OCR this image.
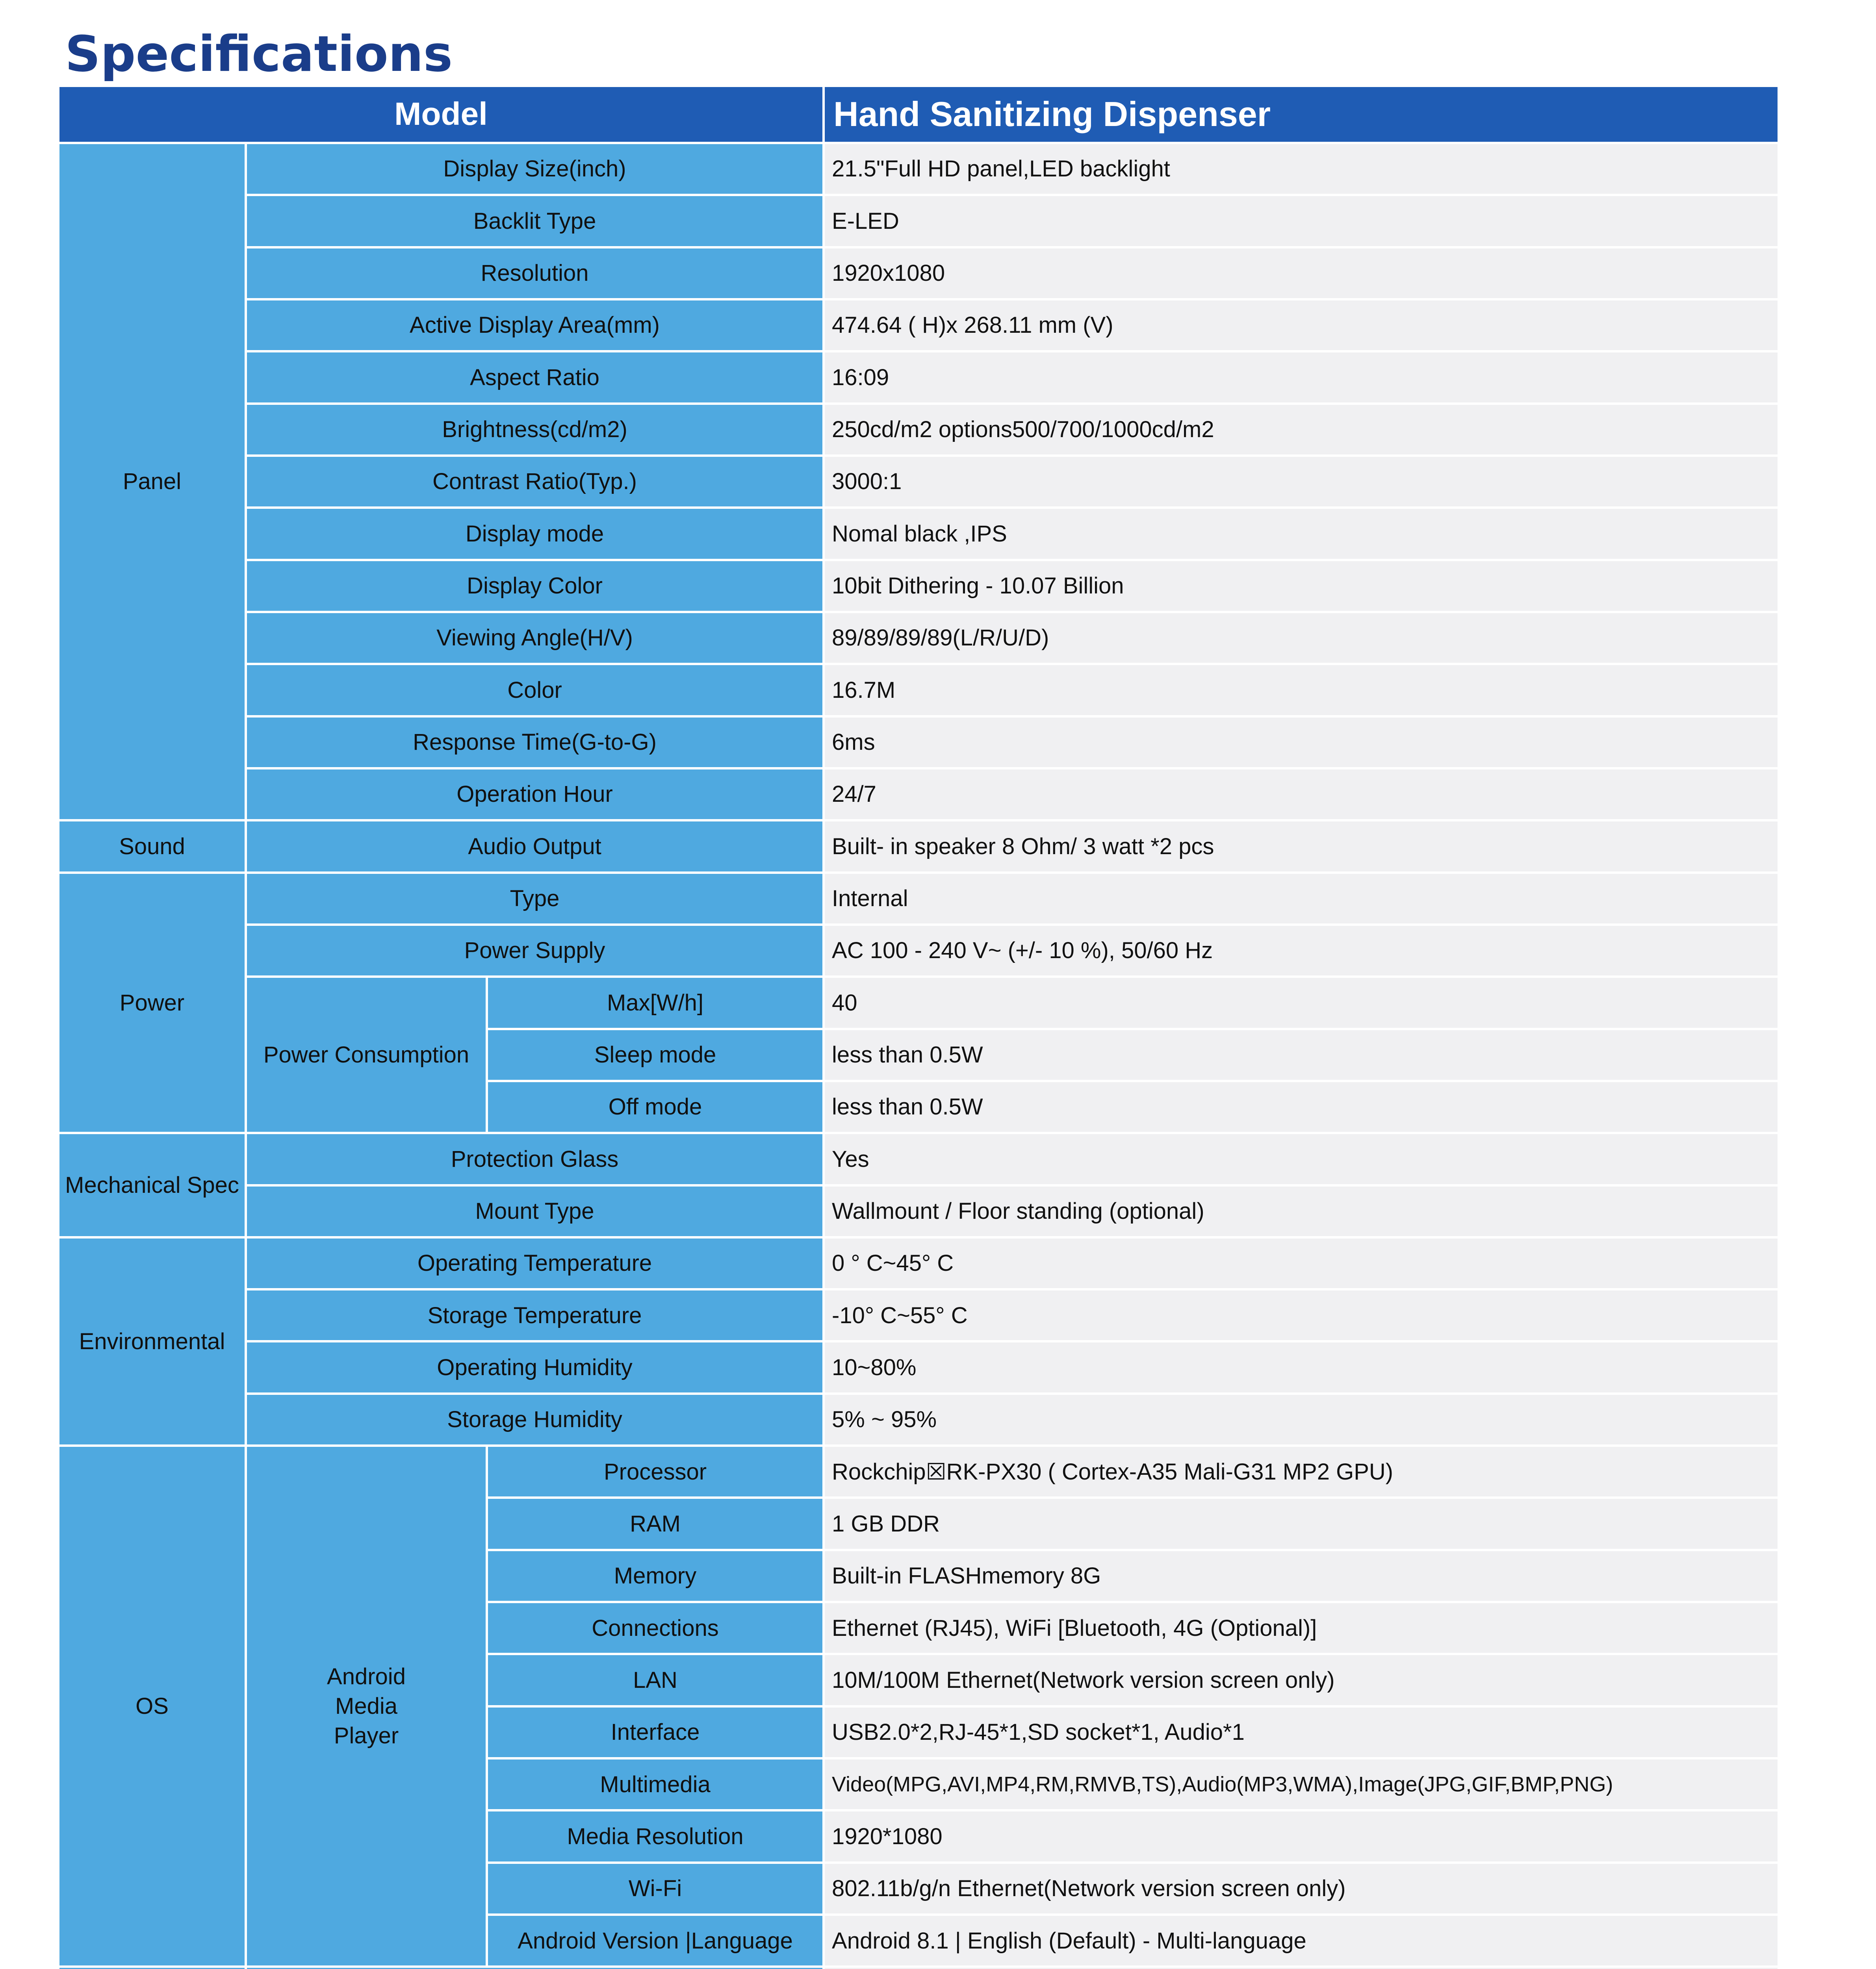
Specifications
Model			Hand Sanitizing Dispenser
Panel	Display Size(inch)		21.5"Full HD panel,LED backlight
	Backlit Type		E-LED
	Resolution		1920x1080
	Active Display Area(mm)		474.64 ( H)x 268.11 mm (V)
	Aspect Ratio		16:09
	Brightness(cd/m2)		250cd/m2 options500/700/1000cd/m2
	Contrast Ratio(Typ.)		3000:1
	Display mode		Nomal black ,IPS
	Display Color		10bit Dithering - 10.07 Billion
	Viewing Angle(H/V)		89/89/89/89(L/R/U/D)
	Color		16.7M
	Response Time(G-to-G)		6ms
	Operation Hour		24/7
Sound	Audio Output		Built- in speaker 8 Ohm/ 3 watt *2 pcs
Power	Type		Internal
	Power Supply		AC 100 - 240 V~ (+/- 10 %), 50/60 Hz
	Power Consumption	Max[W/h]	40
		Sleep mode	less than 0.5W
		Off mode	less than 0.5W
Mechanical Spec	Protection Glass		Yes
	Mount Type		Wallmount / Floor standing (optional)
Environmental	Operating Temperature		0 ° C~45° C
	Storage Temperature		-10° C~55° C
	Operating Humidity		10~80%
	Storage Humidity		5% ~ 95%
OS	Android Media Player	Processor	Rockchip☒RK-PX30 ( Cortex-A35 Mali-G31 MP2 GPU)
		RAM	1 GB DDR
		Memory	Built-in FLASHmemory 8G
		Connections	Ethernet (RJ45), WiFi [Bluetooth, 4G (Optional)]
		LAN	10M/100M Ethernet(Network version screen only)
		Interface	USB2.0*2,RJ-45*1,SD socket*1, Audio*1
		Multimedia	Video(MPG,AVI,MP4,RM,RMVB,TS),Audio(MP3,WMA),Image(JPG,GIF,BMP,PNG)
		Media Resolution	1920*1080
		Wi-Fi	802.11b/g/n Ethernet(Network version screen only)
		Android Version |Language	Android 8.1 | English (Default) - Multi-language
